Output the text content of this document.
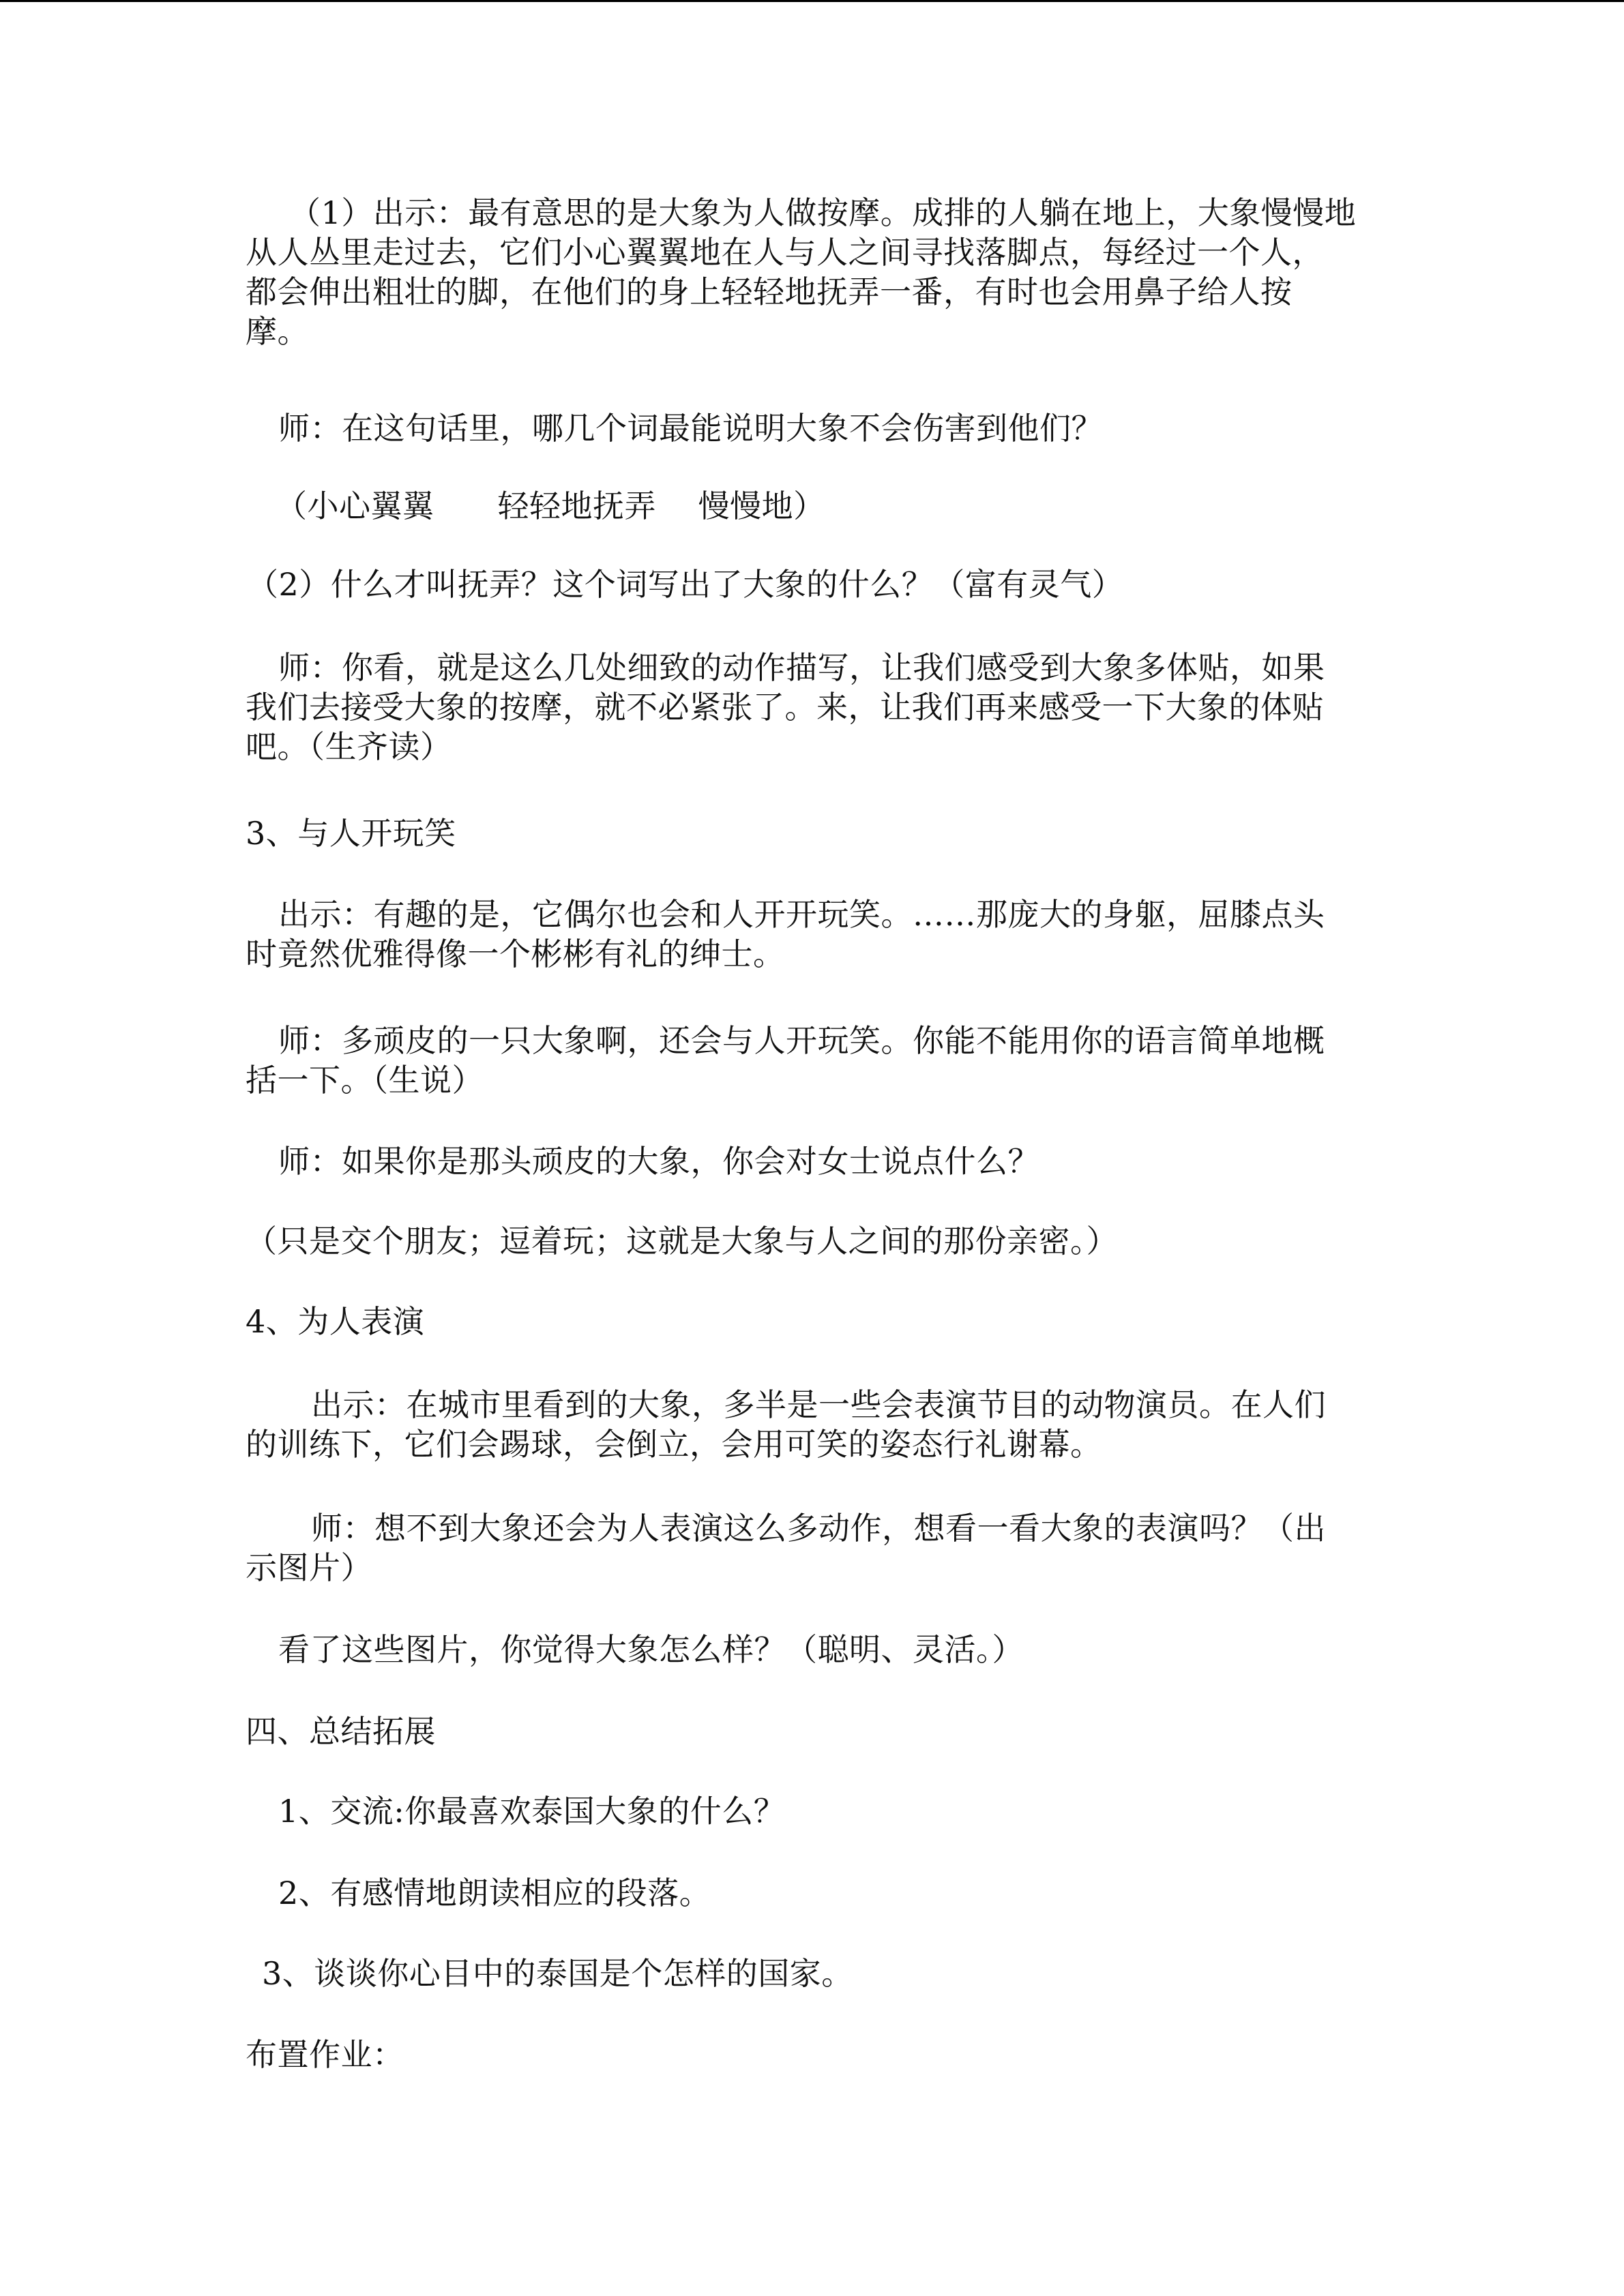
（1）出示：最有意思的是大象为人做按摩。成排的人躺在地上，大象慢慢地

从人丛里走过去，它们小心翼翼地在人与人之间寻找落脚点，每经过一个人，

都会伸出粗壮的脚，在他们的身上轻轻地抚弄一番，有时也会用鼻子给人按

摩。

师：在这句话里，哪几个词最能说明大象不会伤害到他们？

（小心翼翼　　轻轻地抚弄　 慢慢地）

（2）什么才叫抚弄？这个词写出了大象的什么？（富有灵气）

师：你看，就是这么几处细致的动作描写，让我们感受到大象多体贴，如果

我们去接受大象的按摩，就不必紧张了。来，让我们再来感受一下大象的体贴

吧。（生齐读）

3、与人开玩笑

出示：有趣的是，它偶尔也会和人开开玩笑。……那庞大的身躯，屈膝点头

时竟然优雅得像一个彬彬有礼的绅士。

师：多顽皮的一只大象啊，还会与人开玩笑。你能不能用你的语言简单地概

括一下。（生说）

师：如果你是那头顽皮的大象，你会对女士说点什么？

（只是交个朋友；逗着玩；这就是大象与人之间的那份亲密。）

4、为人表演

出示：在城市里看到的大象，多半是一些会表演节目的动物演员。在人们

的训练下，它们会踢球，会倒立，会用可笑的姿态行礼谢幕。

师：想不到大象还会为人表演这么多动作，想看一看大象的表演吗？（出

示图片）

看了这些图片，你觉得大象怎么样？（聪明、灵活。）

四、总结拓展

1、交流:你最喜欢泰国大象的什么？

2、有感情地朗读相应的段落。

3、谈谈你心目中的泰国是个怎样的国家。

布置作业：
